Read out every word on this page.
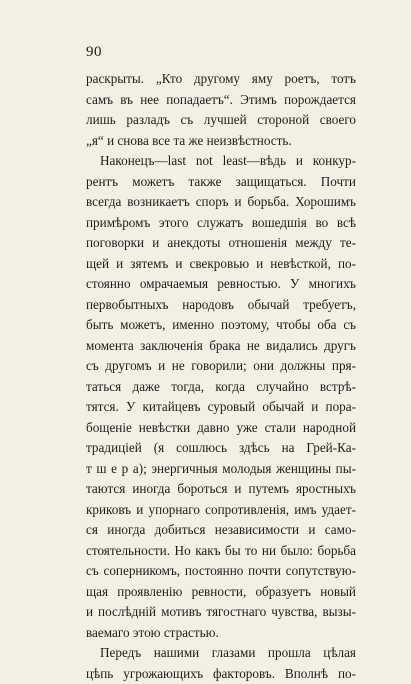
90
раскрыты. „Кто другому яму роетъ, тотъ
самъ въ нее попадаетъ“. Этимъ порождается
лишь разладъ съ лучшей стороной своего
„я“ и снова все та же неизвѣстность.
Наконецъ—last not least—вѣдь и конкур-
рентъ можетъ также защищаться. Почти
всегда возникаетъ споръ и борьба. Хорошимъ
примѣромъ этого служатъ вошедшія во всѣ
поговорки и анекдоты отношенія между те-
щей и зятемъ и свекровью и невѣсткой, по-
стоянно омрачаемыя ревностью. У многихъ
первобытныхъ народовъ обычай требуетъ,
быть можетъ, именно поэтому, чтобы оба съ
момента заключенія брака не видались другъ
съ другомъ и не говорили; они должны пря-
таться даже тогда, когда случайно встрѣ-
тятся. У китайцевъ суровый обычай и пора-
бощеніе невѣстки давно уже стали народной
традиціей (я сошлюсь здѣсь на Грей-Ка-
т ш е р а); энергичныя молодыя женщины пы-
таются иногда бороться и путемъ яростныхъ
криковъ и упорнаго сопротивленія, имъ удает-
ся иногда добиться независимости и само-
стоятельности. Но какъ бы то ни было: борьба
съ соперникомъ, постоянно почти сопутствую-
щая проявленію ревности, образуетъ новый
и послѣдній мотивъ тягостнаго чувства, вызы-
ваемаго этою страстью.
Передъ нашими глазами прошла цѣлая
цѣпь угрожающихъ факторовъ. Вполнѣ по-
